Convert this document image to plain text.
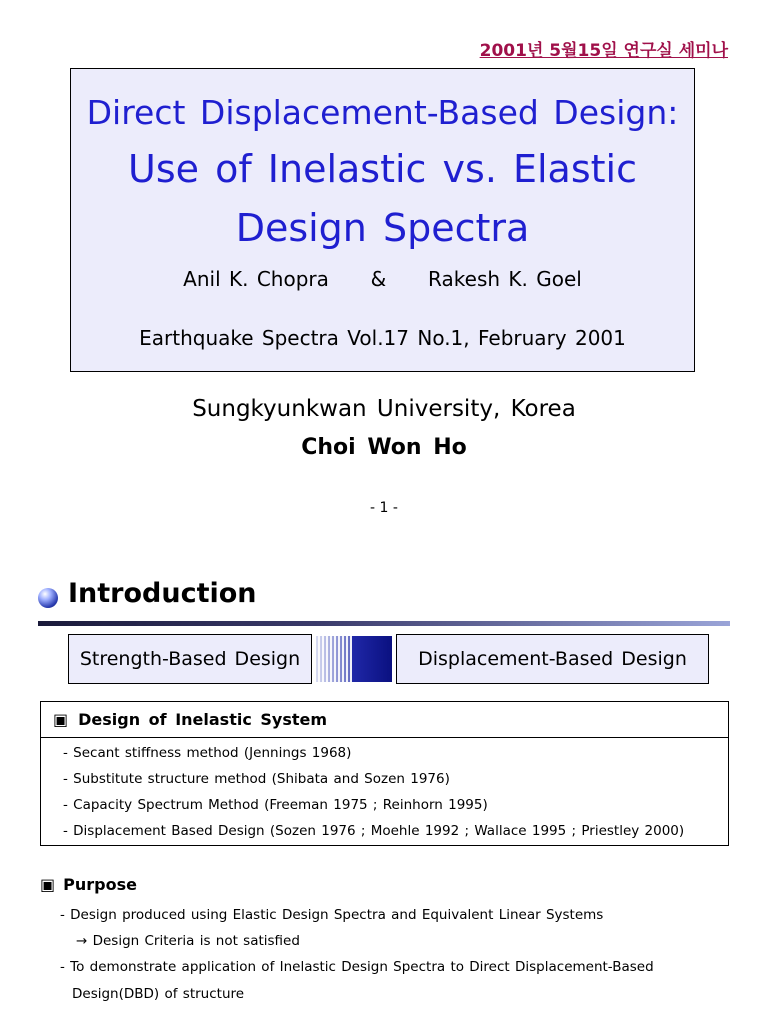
2001년 5월15일 연구실 세미나
Direct Displacement-Based Design:
Use of Inelastic vs. Elastic
Design Spectra
Anil K. Chopra     &     Rakesh K. Goel
Earthquake Spectra Vol.17 No.1, February 2001
Sungkyunkwan University, Korea
Choi Won Ho
- 1 -
Introduction
Strength-Based Design	Displacement-Based Design
▣ Design of Inelastic System
- Secant stiffness method (Jennings 1968)
- Substitute structure method (Shibata and Sozen 1976)
- Capacity Spectrum Method (Freeman 1975 ; Reinhorn 1995)
- Displacement Based Design (Sozen 1976 ; Moehle 1992 ; Wallace 1995 ; Priestley 2000)
▣ Purpose
- Design produced using Elastic Design Spectra and Equivalent Linear Systems
→ Design Criteria is not satisfied
- To demonstrate application of Inelastic Design Spectra to Direct Displacement-Based
Design(DBD) of structure
